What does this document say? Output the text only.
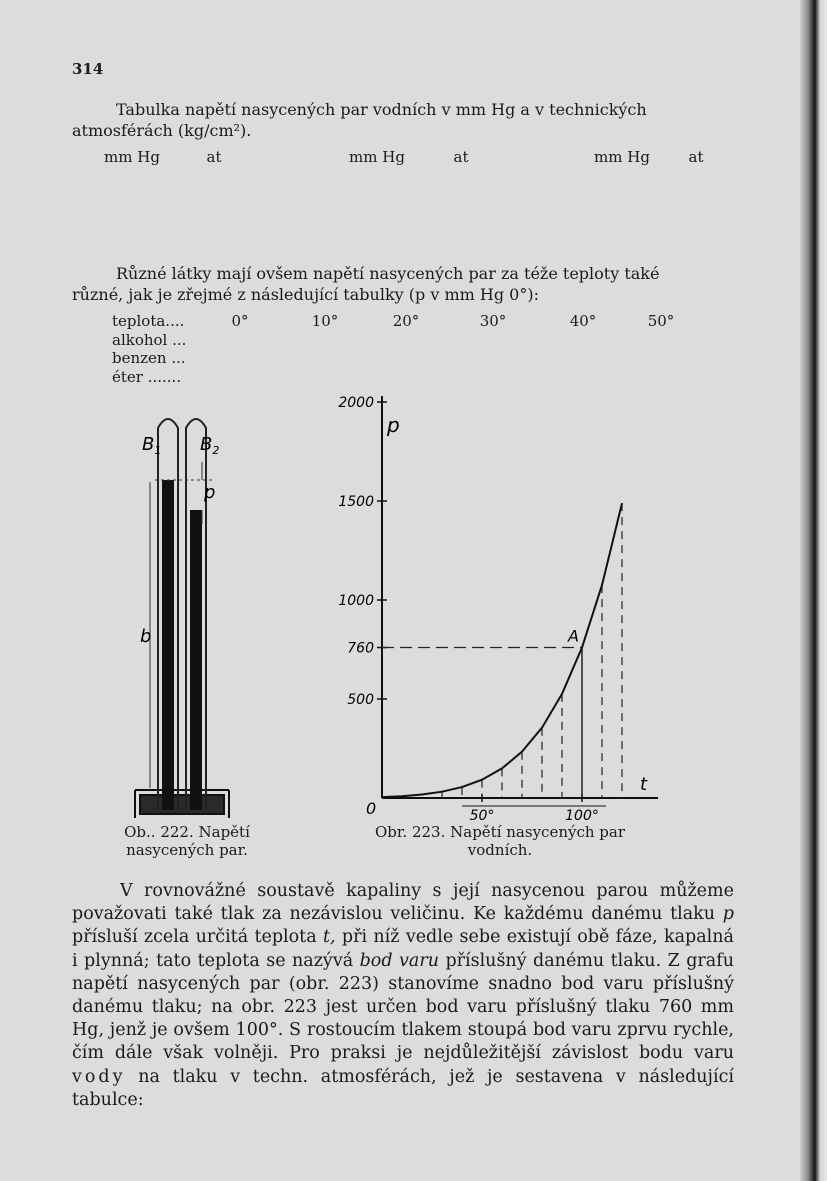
314
Tabulka napětí nasycených par vodních v mm Hg a v technických
atmosférách (kg/cm²).
mm Hg	at	mm Hg	at	mm Hg	at
Různé látky mají ovšem napětí nasycených par za téže teploty také
různé, jak je zřejmé z následující tabulky (p v mm Hg 0°):
teplota....	0°	10°	20°	30°	40°	50°
alkohol ...
benzen ...
éter .......
$B_1$ $B_2$
p
b
Ob.. 222. Napětí
nasycených par.
500
760
1000
1500
2000
50°	100°
0
t
p
A
Obr. 223. Napětí nasycených par
vodních.

V rovnovážné soustavě kapaliny s její nasycenou parou můžeme považovati také tlak za nezávislou veličinu. Ke každému danému tlaku p přísluší zcela určitá teplota t, při níž vedle sebe existují obě fáze, kapalná i plynná; tato teplota se nazývá bod varu příslušný danému tlaku. Z grafu napětí nasycených par (obr. 223) stanovíme snadno bod varu příslušný danému tlaku; na obr. 223 jest určen bod varu příslušný tlaku 760 mm Hg, jenž je ovšem 100°. S rostoucím tlakem stoupá bod varu zprvu rychle, čím dále však volněji. Pro praksi je nejdůležitější závislost bodu varu vody na tlaku v techn. atmosférách, jež je sestavena v následující tabulce:
